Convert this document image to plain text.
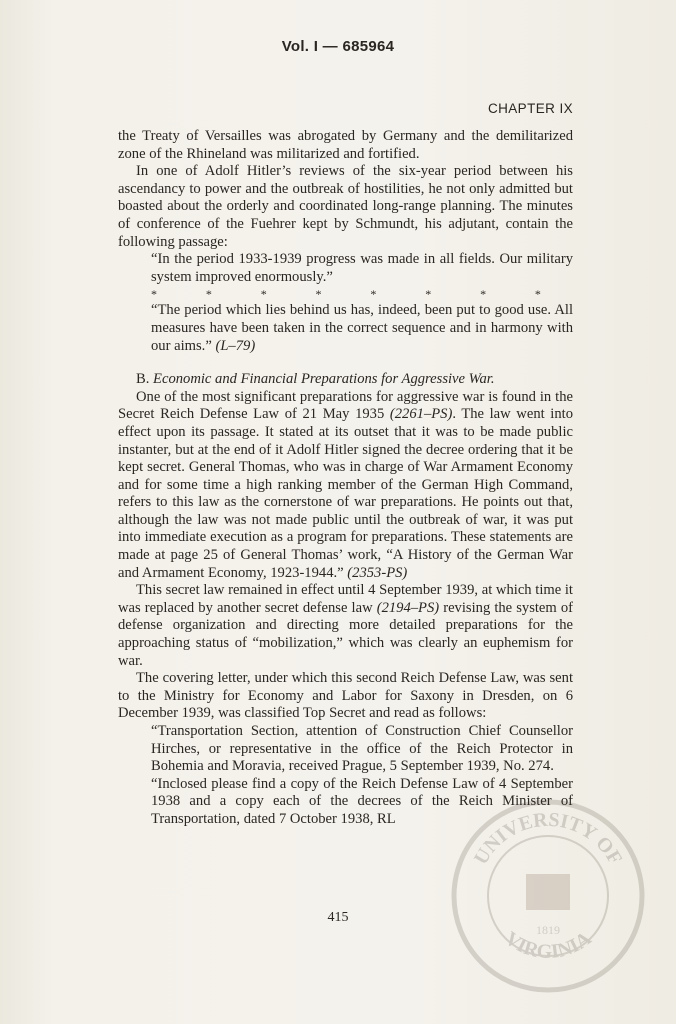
Vol. I — 685964
CHAPTER IX

the Treaty of Versailles was abrogated by Germany and the demilitarized zone of the Rhineland was militarized and fortified.

In one of Adolf Hitler’s reviews of the six-year period between his ascendancy to power and the outbreak of hostilities, he not only admitted but boasted about the orderly and coordinated long-range planning. The minutes of conference of the Fuehrer kept by Schmundt, his adjutant, contain the following passage:

“In the period 1933-1939 progress was made in all fields. Our military system improved enormously.”

*	*	*	*	*	*	*	*

“The period which lies behind us has, indeed, been put to good use. All measures have been taken in the correct sequence and in harmony with our aims.” (L–79)

B. Economic and Financial Preparations for Aggressive War.

One of the most significant preparations for aggressive war is found in the Secret Reich Defense Law of 21 May 1935 (2261–PS). The law went into effect upon its passage. It stated at its outset that it was to be made public instanter, but at the end of it Adolf Hitler signed the decree ordering that it be kept secret. General Thomas, who was in charge of War Armament Economy and for some time a high ranking member of the German High Command, refers to this law as the cornerstone of war preparations. He points out that, although the law was not made public until the outbreak of war, it was put into immediate execution as a program for preparations. These statements are made at page 25 of General Thomas’ work, “A History of the German War and Armament Economy, 1923-1944.” (2353-PS)

This secret law remained in effect until 4 September 1939, at which time it was replaced by another secret defense law (2194–PS) revising the system of defense organization and directing more detailed preparations for the approaching status of “mobilization,” which was clearly an euphemism for war.

The covering letter, under which this second Reich Defense Law, was sent to the Ministry for Economy and Labor for Saxony in Dresden, on 6 December 1939, was classified Top Secret and read as follows:

“Transportation Section, attention of Construction Chief Counsellor Hirches, or representative in the office of the Reich Protector in Bohemia and Moravia, received Prague, 5 September 1939, No. 274.

“Inclosed please find a copy of the Reich Defense Law of 4 September 1938 and a copy each of the decrees of the Reich Minister of Transportation, dated 7 October 1938, RL

415
UNIVERSITY OF
VIRGINIA
1819
